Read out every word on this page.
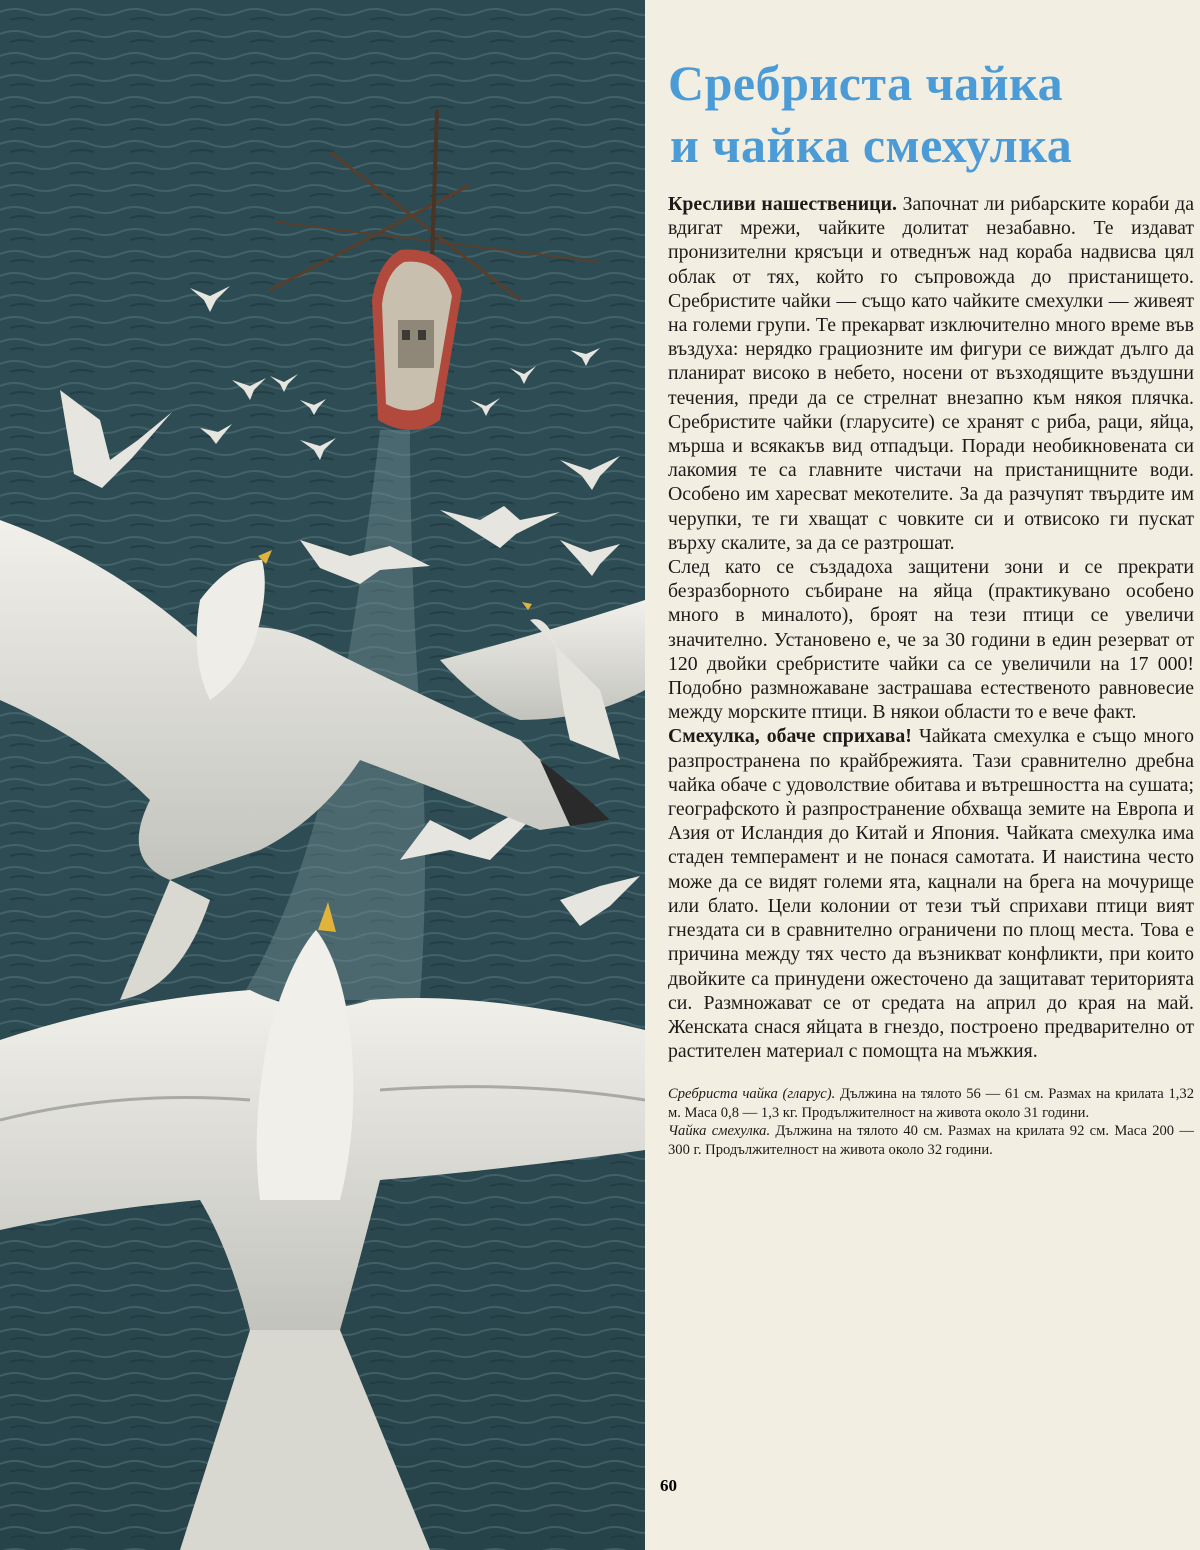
Сребриста чайка
и чайка смехулка

Кресливи нашественици. Започнат ли рибарските кораби да вдигат мрежи, чайките долитат незабавно. Те издават пронизителни крясъци и отведнъж над кораба надвисва цял облак от тях, който го съпровожда до пристанището. Сребристите чайки — също като чайките смехулки — живеят на големи групи. Те прекарват изключително много време във въздуха: нерядко грациозните им фигури се виждат дълго да планират високо в небето, носени от възходящите въздушни течения, преди да се стрелнат внезапно към някоя плячка. Сребристите чайки (гларусите) се хранят с риба, раци, яйца, мърша и всякакъв вид отпадъци. Поради необикновената си лакомия те са главните чистачи на пристанищните води. Особено им харесват мекотелите. За да разчупят твърдите им черупки, те ги хващат с човките си и отвисоко ги пускат върху скалите, за да се разтрошат.

След като се създадоха защитени зони и се прекрати безразборното събиране на яйца (практикувано особено много в миналото), броят на тези птици се увеличи значително. Установено е, че за 30 години в един резерват от 120 двойки сребристите чайки са се увеличили на 17 000! Подобно размножаване застрашава естественото равновесие между морските птици. В някои области то е вече факт.

Смехулка, обаче сприхава! Чайката смехулка е също много разпространена по крайбрежията. Тази сравнително дребна чайка обаче с удоволствие обитава и вътрешността на сушата; географското ѝ разпространение обхваща земите на Европа и Азия от Исландия до Китай и Япония. Чайката смехулка има стаден темперамент и не понася самотата. И наистина често може да се видят големи ята, кацнали на брега на мочурище или блато. Цели колонии от тези тъй сприхави птици вият гнездата си в сравнително ограничени по площ места. Това е причина между тях често да възникват конфликти, при които двойките са принудени ожесточено да защитават територията си. Размножават се от средата на април до края на май. Женската снася яйцата в гнездо, построено предварително от растителен материал с помощта на мъжкия.

Сребриста чайка (гларус). Дължина на тялото 56 — 61 см. Размах на крилата 1,32 м. Маса 0,8 — 1,3 кг. Продължителност на живота около 31 години.

Чайка смехулка. Дължина на тялото 40 см. Размах на крилата 92 см. Маса 200 — 300 г. Продължителност на живота около 32 години.

60
